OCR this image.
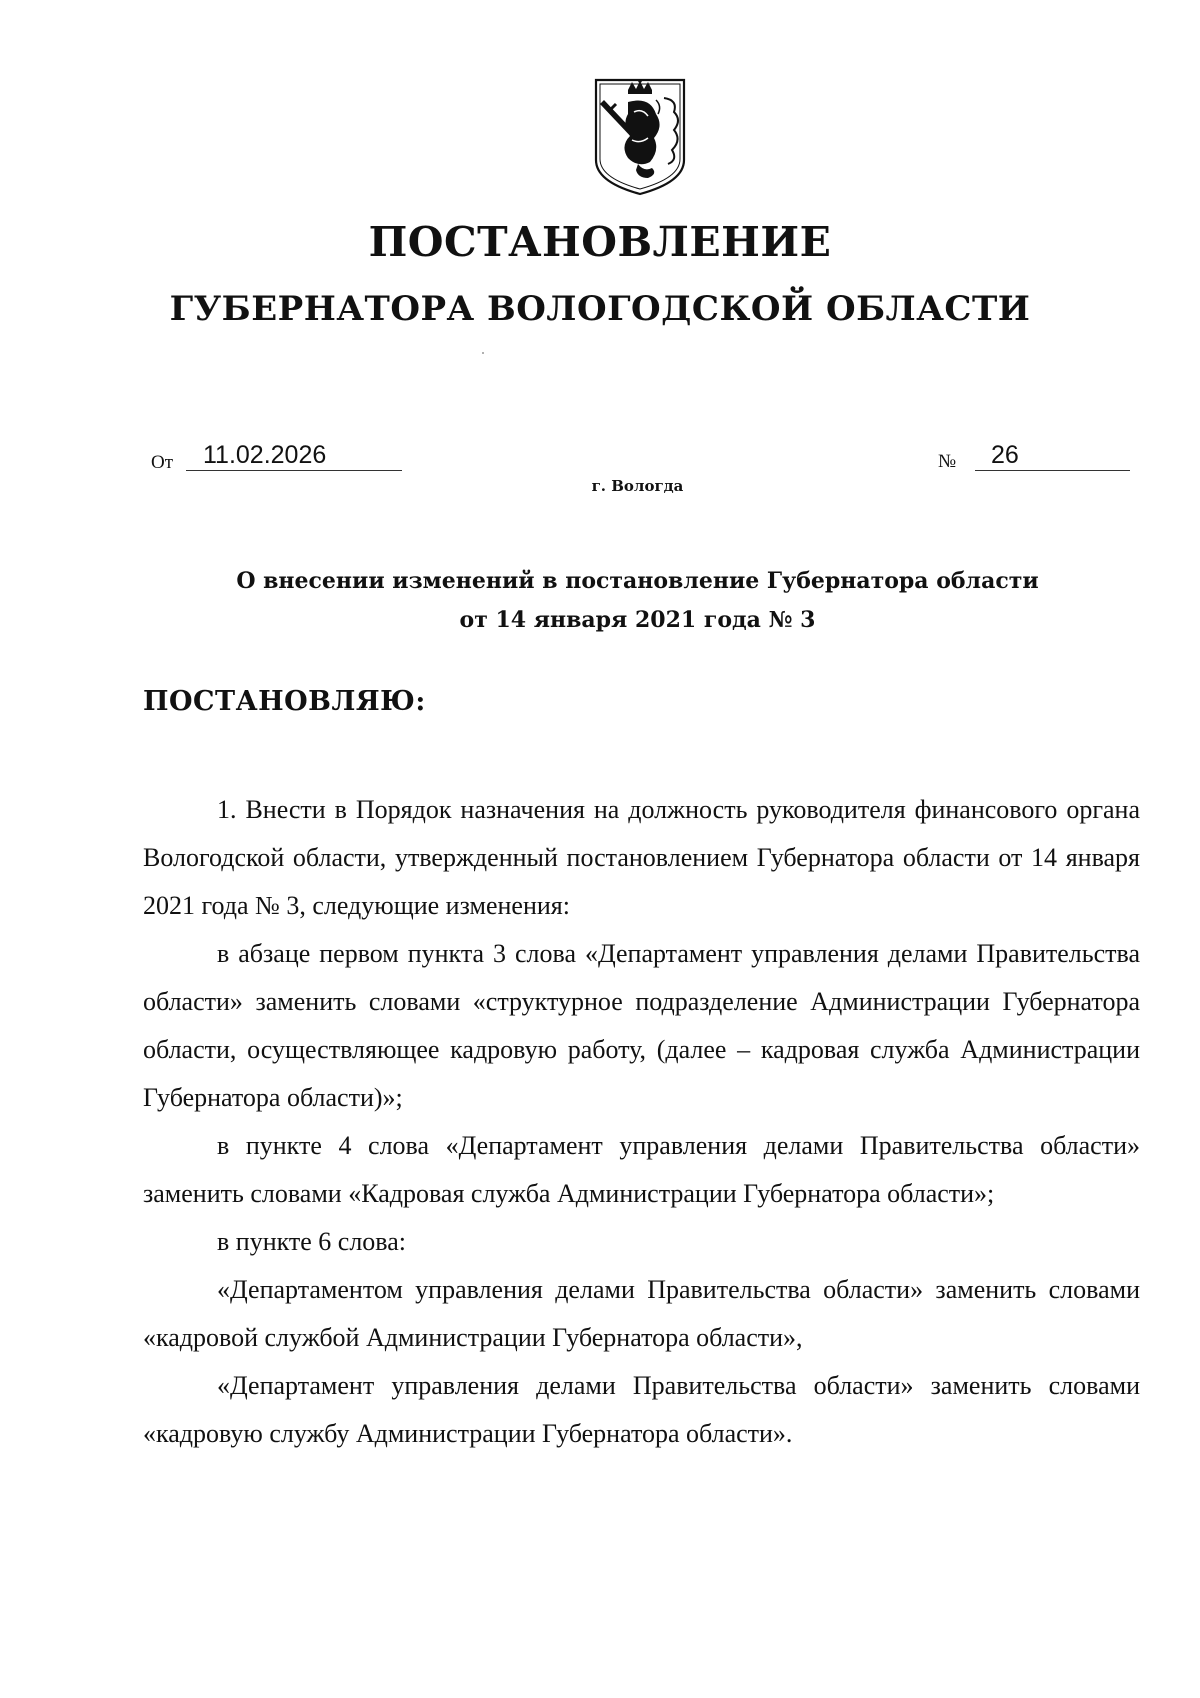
ПОСТАНОВЛЕНИЕ
ГУБЕРНАТОРА ВОЛОГОДСКОЙ ОБЛАСТИ
От 11.02.2026	№ 26
г. Вологда
О внесении изменений в постановление Губернатора области
от 14 января 2021 года № 3
ПОСТАНОВЛЯЮ:

1. Внести в Порядок назначения на должность руководителя финансового органа Вологодской области, утвержденный постановлением Губернатора области от 14 января 2021 года № 3, следующие изменения:

в абзаце первом пункта 3 слова «Департамент управления делами Правительства области» заменить словами «структурное подразделение Администрации Губернатора области, осуществляющее кадровую работу, (далее – кадровая служба Администрации Губернатора области)»;

в пункте 4 слова «Департамент управления делами Правительства области» заменить словами «Кадровая служба Администрации Губернатора области»;

в пункте 6 слова:

«Департаментом управления делами Правительства области» заменить словами «кадровой службой Администрации Губернатора области»,

«Департамент управления делами Правительства области» заменить словами «кадровую службу Администрации Губернатора области».
